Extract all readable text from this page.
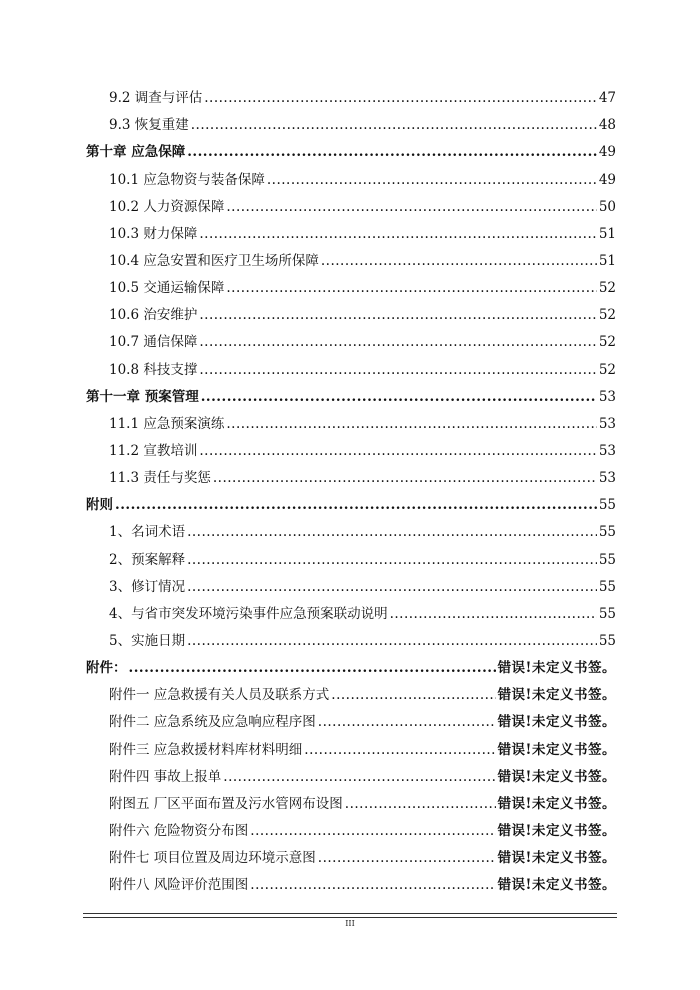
9.2 调查与评估 .....	47
9.3 恢复重建 .....	48
第十章 应急保障 .....	49
10.1 应急物资与装备保障 .....	49
10.2 人力资源保障 .....	50
10.3 财力保障 .....	51
10.4 应急安置和医疗卫生场所保障 .....	51
10.5 交通运输保障 .....	52
10.6 治安维护 .....	52
10.7 通信保障 .....	52
10.8 科技支撑 .....	52
第十一章 预案管理 .....	53
11.1 应急预案演练 .....	53
11.2 宣教培训 .....	53
11.3 责任与奖惩 .....	53
附则 .....	55
1、名词术语 .....	55
2、预案解释 .....	55
3、修订情况 .....	55
4、与省市突发环境污染事件应急预案联动说明 .....	55
5、实施日期 .....	55
附件： .....	错误!未定义书签。
附件一 应急救援有关人员及联系方式 .....	错误!未定义书签。
附件二 应急系统及应急响应程序图 .....	错误!未定义书签。
附件三 应急救援材料库材料明细 .....	错误!未定义书签。
附件四 事故上报单 .....	错误!未定义书签。
附图五 厂区平面布置及污水管网布设图 .....	错误!未定义书签。
附件六 危险物资分布图 .....	错误!未定义书签。
附件七 项目位置及周边环境示意图 .....	错误!未定义书签。
附件八 风险评价范围图 .....	错误!未定义书签。
III
